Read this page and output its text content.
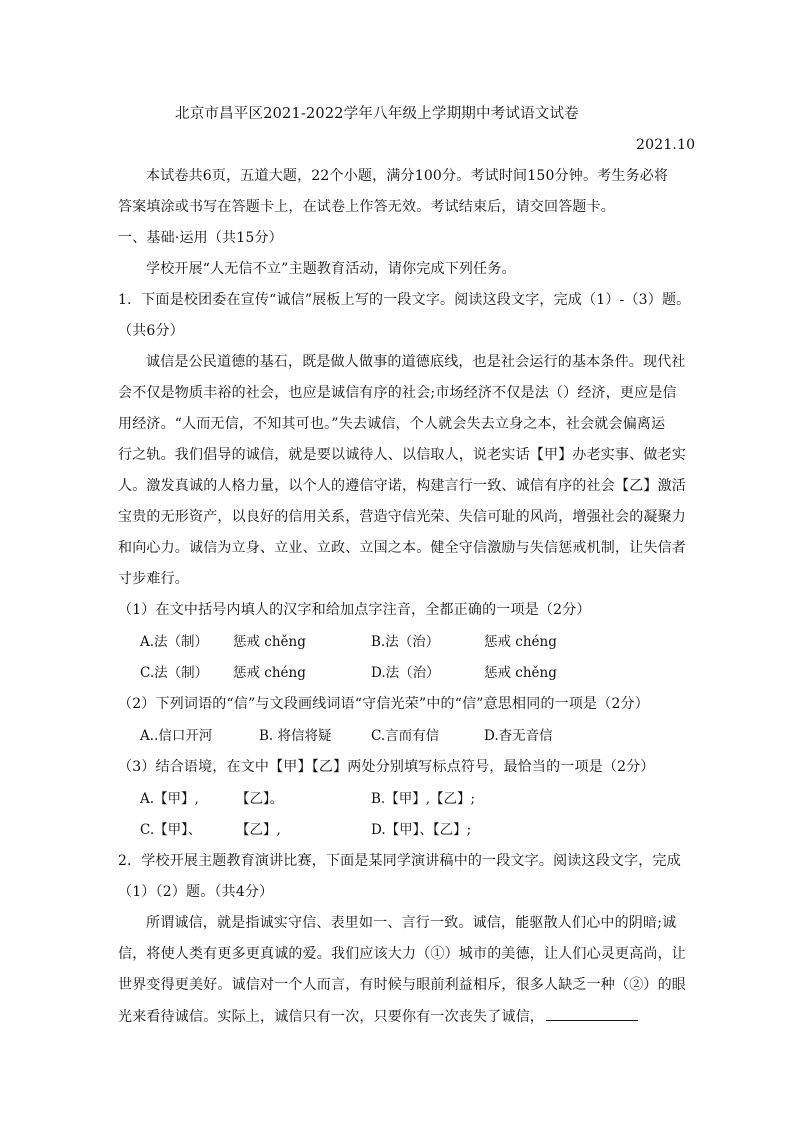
北京市昌平区2021-2022学年八年级上学期期中考试语文试卷
2021.10
本试卷共6页，五道大题，22个小题，满分100分。考试时间150分钟。考生务必将
答案填涂或书写在答题卡上，在试卷上作答无效。考试结束后，请交回答题卡。
一、基础·运用（共15分）
学校开展“人无信不立”主题教育活动，请你完成下列任务。
1．下面是校团委在宣传“诚信”展板上写的一段文字。阅读这段文字，完成（1）-（3）题。
（共6分）
诚信是公民道德的基石，既是做人做事的道德底线，也是社会运行的基本条件。现代社
会不仅是物质丰裕的社会，也应是诚信有序的社会;市场经济不仅是法（）经济，更应是信
用经济。“人而无信，不知其可也。”失去诚信，个人就会失去立身之本，社会就会偏离运
行之轨。我们倡导的诚信，就是要以诚待人、以信取人，说老实话【甲】办老实事、做老实
人。激发真诚的人格力量，以个人的遵信守诺，构建言行一致、诚信有序的社会【乙】激活
宝贵的无形资产，以良好的信用关系，营造守信光荣、失信可耻的风尚，增强社会的凝聚力
和向心力。诚信为立身、立业、立政、立国之本。健全守信激励与失信惩戒机制，让失信者
寸步难行。
（1）在文中括号内填人的汉字和给加点字注音，全都正确的一项是（2分）
A.法（制） 惩戒 chěng	B.法（治）	惩戒 chéng
C.法（制） 惩戒 chéng	D.法（治）	惩戒 chěng
（2）下列词语的“信”与文段画线词语“守信光荣”中的“信”意思相同的一项是（2分）
A..信口开河	B. 将信将疑	C.言而有信	D.杳无音信
（3）结合语境，在文中【甲】【乙】两处分别填写标点符号，最恰当的一项是（2分）
A.【甲】,	【乙】。	B.【甲】,【乙】;
C.【甲】、	【乙】,	D.【甲】、【乙】;
2．学校开展主题教育演讲比赛，下面是某同学演讲稿中的一段文字。阅读这段文字，完成
（1）（2）题。（共4分）
所谓诚信，就是指诚实守信、表里如一、言行一致。诚信，能驱散人们心中的阴暗;诚
信，将使人类有更多更真诚的爱。我们应该大力（①）城市的美德，让人们心灵更高尚，让
世界变得更美好。诚信对一个人而言，有时候与眼前利益相斥，很多人缺乏一种（②）的眼
光来看待诚信。实际上，诚信只有一次，只要你有一次丧失了诚信，
